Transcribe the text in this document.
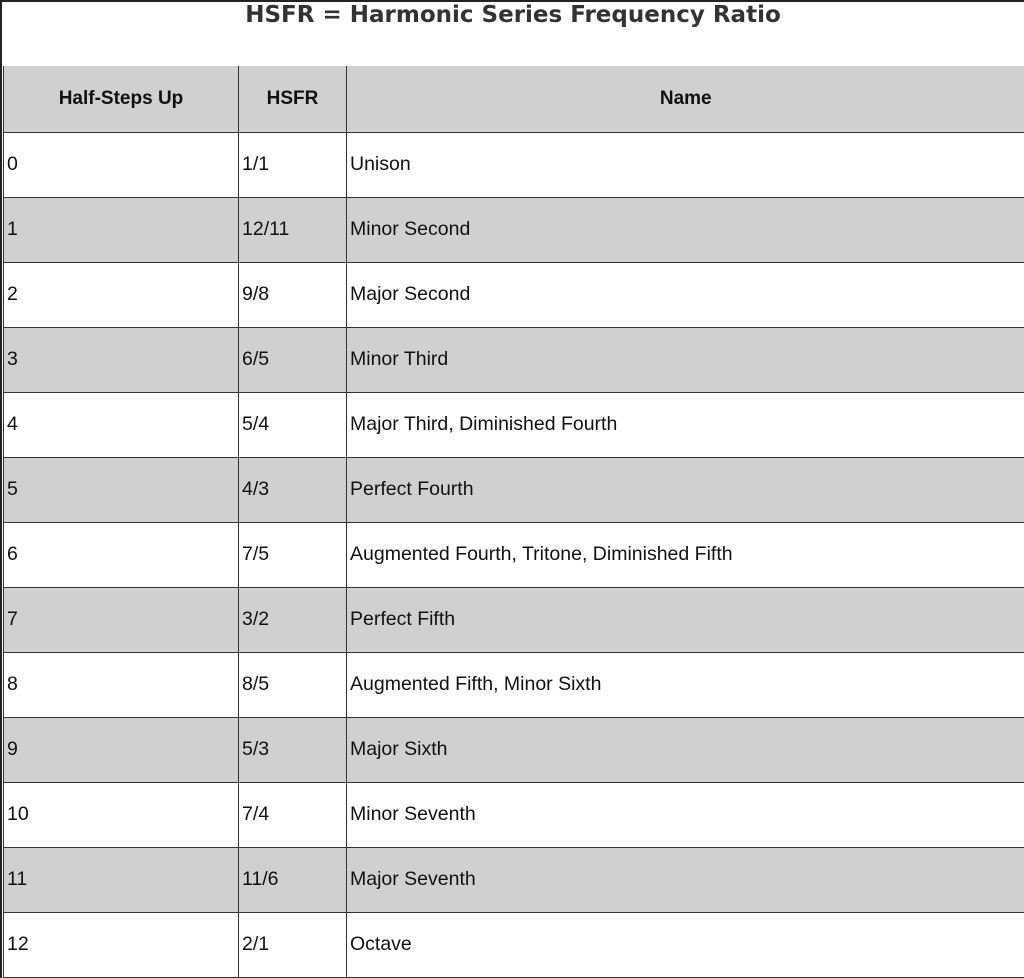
HSFR = Harmonic Series Frequency Ratio
Half-Steps Up	HSFR	Name
0	1/1	Unison
1	12/11	Minor Second
2	9/8	Major Second
3	6/5	Minor Third
4	5/4	Major Third, Diminished Fourth
5	4/3	Perfect Fourth
6	7/5	Augmented Fourth, Tritone, Diminished Fifth
7	3/2	Perfect Fifth
8	8/5	Augmented Fifth, Minor Sixth
9	5/3	Major Sixth
10	7/4	Minor Seventh
11	11/6	Major Seventh
12	2/1	Octave
